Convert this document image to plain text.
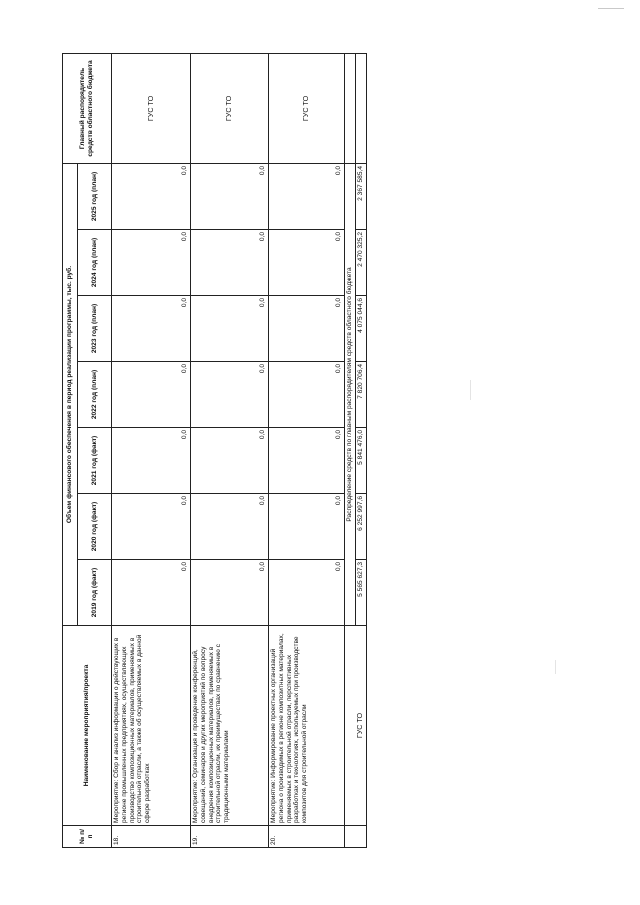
№ п/п	Наименование мероприятия/проекта	Объем финансового обеспечения в период реализации программы, тыс. руб.							Главный распорядитель средств областного бюджета
		2019 год (факт)	2020 год (факт)	2021 год (факт)	2022 год (план)	2023 год (план)	2024 год (план)	2025 год (план)	
18.	Мероприятие: Сбор и анализ информации о действующих в регионе промышленных предприятиях, осуществляющих производство композиционных материалов, применяемых в строительной отрасли, а также об осуществляемых в данной сфере разработках	0,0	0,0	0,0	0,0	0,0	0,0	0,0	ГУС ТО
19.	Мероприятие: Организация и проведение конференций, совещаний, семинаров и других мероприятий по вопросу внедрения композиционных материалов, применяемых в строительной отрасли, их преимуществах по сравнению с традиционными материалами	0,0	0,0	0,0	0,0	0,0	0,0	0,0	ГУС ТО
20.	Мероприятие: Информирование проектных организаций региона о производимых в регионе композитных материалах, применяемых в строительной отрасли, перспективных разработках и технологиях, используемых при производстве композитов для строительной отрасли	0,0	0,0	0,0	0,0	0,0	0,0	0,0	ГУС ТО
		Распределение средств по главным распорядителям средств областного бюджета							
	ГУС ТО	5 565 627,3	6 252 997,6	5 841 476,0	7 820 706,4	4 075 044,6	2 470 325,2	2 367 585,4	
